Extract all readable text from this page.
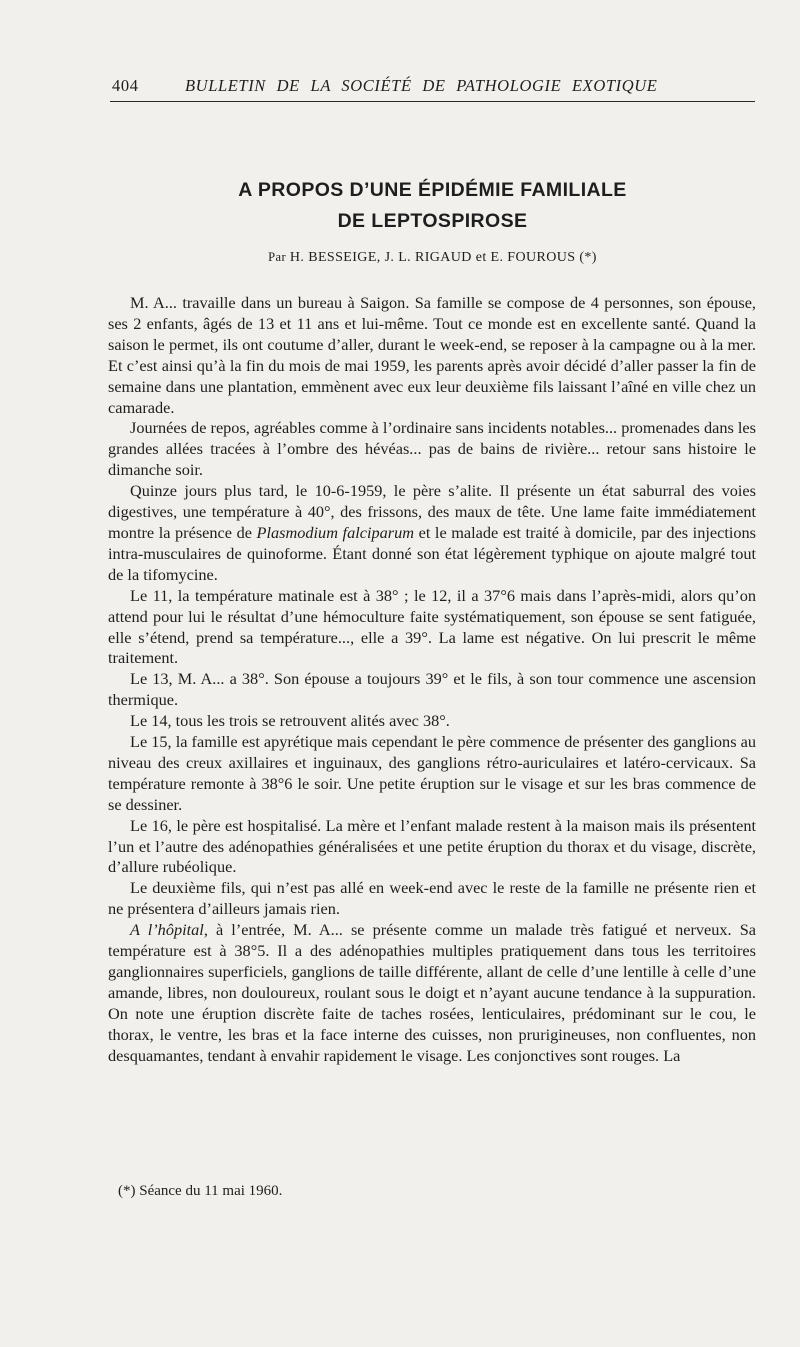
404	BULLETIN DE LA SOCIÉTÉ DE PATHOLOGIE EXOTIQUE
A PROPOS D’UNE ÉPIDÉMIE FAMILIALE
DE LEPTOSPIROSE
Par H. BESSEIGE, J. L. RIGAUD et E. FOUROUS (*)

M. A... travaille dans un bureau à Saigon. Sa famille se compose de 4 personnes, son épouse, ses 2 enfants, âgés de 13 et 11 ans et lui-même. Tout ce monde est en excellente santé. Quand la saison le permet, ils ont coutume d’aller, durant le week-end, se reposer à la campagne ou à la mer. Et c’est ainsi qu’à la fin du mois de mai 1959, les parents après avoir décidé d’aller passer la fin de semaine dans une plantation, emmènent avec eux leur deuxième fils laissant l’aîné en ville chez un camarade.

Journées de repos, agréables comme à l’ordinaire sans incidents notables... promenades dans les grandes allées tracées à l’ombre des hévéas... pas de bains de rivière... retour sans histoire le dimanche soir.

Quinze jours plus tard, le 10-6-1959, le père s’alite. Il présente un état saburral des voies digestives, une température à 40°, des frissons, des maux de tête. Une lame faite immédiatement montre la présence de Plasmodium falciparum et le malade est traité à domicile, par des injections intra-musculaires de quinoforme. Étant donné son état légèrement typhique on ajoute malgré tout de la tifomycine.

Le 11, la température matinale est à 38° ; le 12, il a 37°6 mais dans l’après-midi, alors qu’on attend pour lui le résultat d’une hémoculture faite systématiquement, son épouse se sent fatiguée, elle s’étend, prend sa température..., elle a 39°. La lame est négative. On lui prescrit le même traitement.

Le 13, M. A... a 38°. Son épouse a toujours 39° et le fils, à son tour commence une ascension thermique.

Le 14, tous les trois se retrouvent alités avec 38°.

Le 15, la famille est apyrétique mais cependant le père commence de présenter des ganglions au niveau des creux axillaires et inguinaux, des ganglions rétro-auriculaires et latéro-cervicaux. Sa température remonte à 38°6 le soir. Une petite éruption sur le visage et sur les bras commence de se dessiner.

Le 16, le père est hospitalisé. La mère et l’enfant malade restent à la maison mais ils présentent l’un et l’autre des adénopathies généralisées et une petite éruption du thorax et du visage, discrète, d’allure rubéolique.

Le deuxième fils, qui n’est pas allé en week-end avec le reste de la famille ne présente rien et ne présentera d’ailleurs jamais rien.

A l’hôpital, à l’entrée, M. A... se présente comme un malade très fatigué et nerveux. Sa température est à 38°5. Il a des adénopathies multiples pratiquement dans tous les territoires ganglionnaires superficiels, ganglions de taille différente, allant de celle d’une lentille à celle d’une amande, libres, non douloureux, roulant sous le doigt et n’ayant aucune tendance à la suppuration. On note une éruption discrète faite de taches rosées, lenticulaires, prédominant sur le cou, le thorax, le ventre, les bras et la face interne des cuisses, non prurigineuses, non confluentes, non desquamantes, tendant à envahir rapidement le visage. Les conjonctives sont rouges. La

(*) Séance du 11 mai 1960.
